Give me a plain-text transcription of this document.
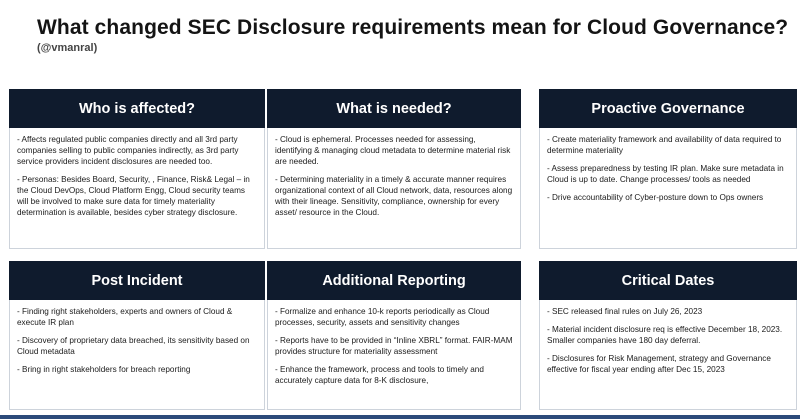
What changed SEC Disclosure requirements mean for Cloud Governance?
(@vmanral)
Who is affected?

- Affects regulated public companies directly and all 3rd party companies selling to public companies indirectly, as 3rd party service providers incident disclosures are needed too.

- Personas: Besides Board, Security, , Finance, Risk& Legal – in the Cloud DevOps, Cloud Platform Engg, Cloud security teams will be involved to make sure data for timely materiality determination is available, besides cyber strategy disclosure.

What is needed?

- Cloud is ephemeral. Processes needed for assessing, identifying & managing cloud metadata to determine material risk are needed.

- Determining materiality in a timely & accurate manner requires organizational context of all Cloud network, data, resources along with their lineage. Sensitivity, compliance, ownership for every asset/ resource in the Cloud.

Proactive Governance

- Create materiality framework and availability of data required to determine materiality

- Assess preparedness by testing IR plan. Make sure metadata in Cloud is up to date. Change processes/ tools as needed

- Drive accountability of Cyber-posture down to Ops owners

Post Incident

- Finding right stakeholders, experts and owners of Cloud & execute IR plan

- Discovery of proprietary data breached, its sensitivity based on Cloud metadata

- Bring in right stakeholders for breach reporting

Additional Reporting

- Formalize and enhance 10-k reports periodically as Cloud processes, security, assets and sensitivity changes

- Reports have to be provided in “Inline XBRL” format. FAIR-MAM provides structure for materiality assessment

- Enhance the framework, process and tools to timely and accurately capture data for 8-K disclosure,

Critical Dates

- SEC released final rules on July 26, 2023

- Material incident disclosure req is effective December 18, 2023. Smaller companies have 180 day deferral.

- Disclosures for Risk Management, strategy and Governance effective for fiscal year ending after Dec 15, 2023
